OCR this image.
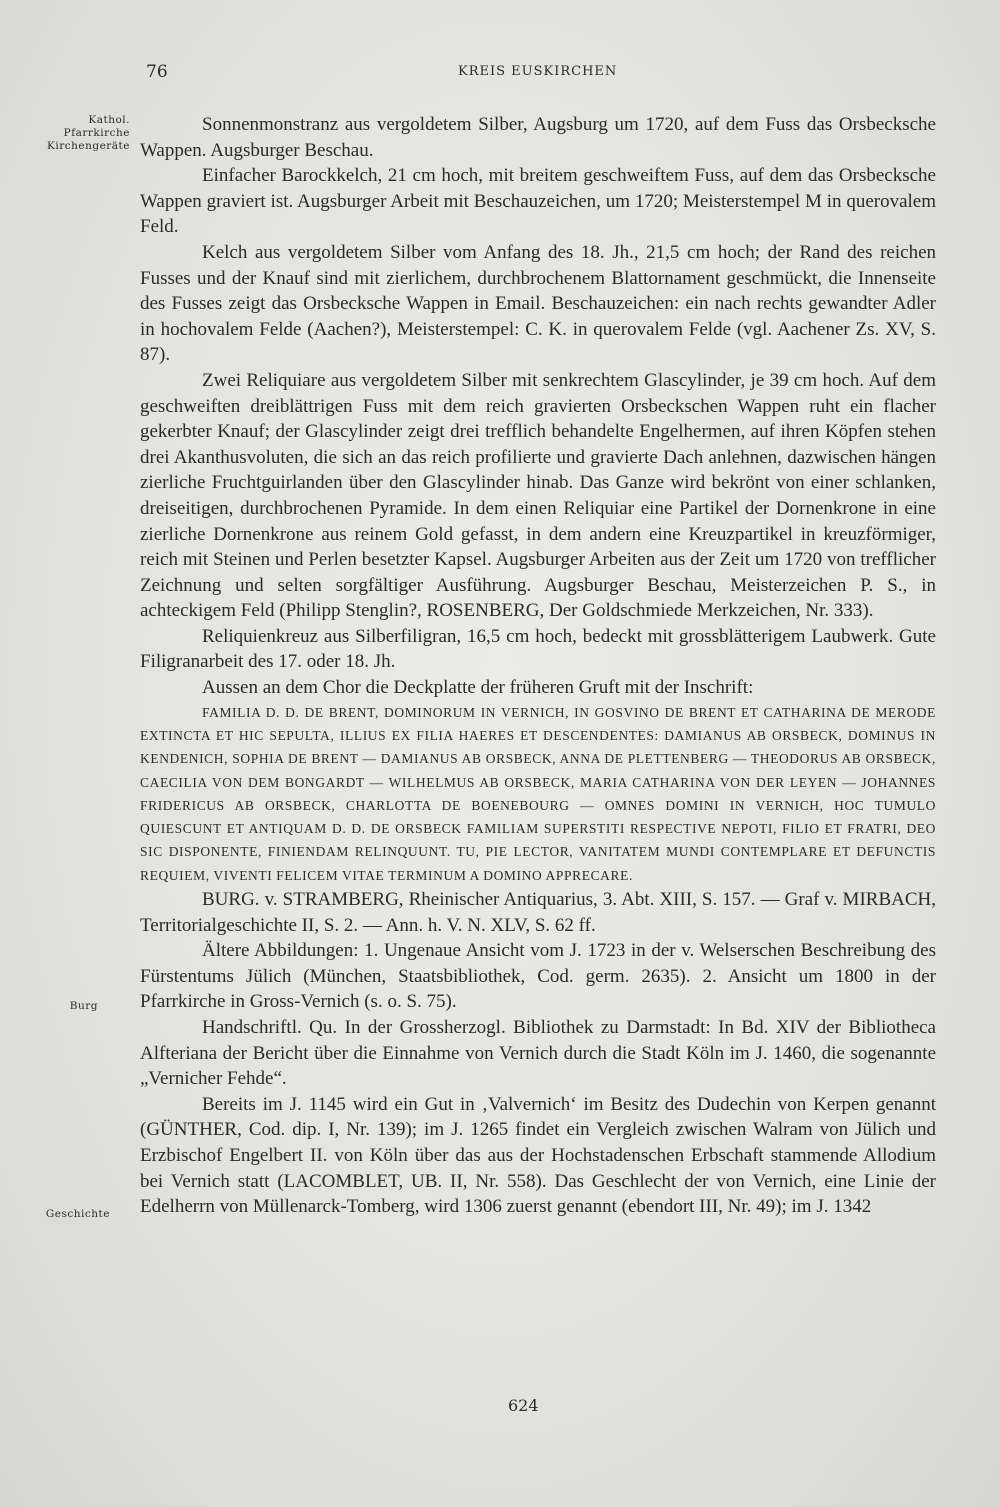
76	KREIS EUSKIRCHEN
Kathol.
Pfarrkirche
Kirchengeräte
Burg
Geschichte

Sonnenmonstranz aus vergoldetem Silber, Augsburg um 1720, auf dem Fuss das Orsbecksche Wappen. Augsburger Beschau.

Einfacher Barockkelch, 21 cm hoch, mit breitem geschweiftem Fuss, auf dem das Orsbecksche Wappen graviert ist. Augsburger Arbeit mit Beschauzeichen, um 1720; Meisterstempel M in querovalem Feld.

Kelch aus vergoldetem Silber vom Anfang des 18. Jh., 21,5 cm hoch; der Rand des reichen Fusses und der Knauf sind mit zierlichem, durchbrochenem Blattornament geschmückt, die Innenseite des Fusses zeigt das Orsbecksche Wappen in Email. Beschauzeichen: ein nach rechts gewandter Adler in hochovalem Felde (Aachen?), Meisterstempel: C. K. in querovalem Felde (vgl. Aachener Zs. XV, S. 87).

Zwei Reliquiare aus vergoldetem Silber mit senkrechtem Glascylinder, je 39 cm hoch. Auf dem geschweiften dreiblättrigen Fuss mit dem reich gravierten Orsbeckschen Wappen ruht ein flacher gekerbter Knauf; der Glascylinder zeigt drei trefflich behandelte Engelhermen, auf ihren Köpfen stehen drei Akanthusvoluten, die sich an das reich profilierte und gravierte Dach anlehnen, dazwischen hängen zierliche Fruchtguirlanden über den Glascylinder hinab. Das Ganze wird bekrönt von einer schlanken, dreiseitigen, durchbrochenen Pyramide. In dem einen Reliquiar eine Partikel der Dornenkrone in eine zierliche Dornenkrone aus reinem Gold gefasst, in dem andern eine Kreuzpartikel in kreuzförmiger, reich mit Steinen und Perlen besetzter Kapsel. Augsburger Arbeiten aus der Zeit um 1720 von trefflicher Zeichnung und selten sorgfältiger Ausführung. Augsburger Beschau, Meisterzeichen P. S., in achteckigem Feld (Philipp Stenglin?, ROSENBERG, Der Goldschmiede Merkzeichen, Nr. 333).

Reliquienkreuz aus Silberfiligran, 16,5 cm hoch, bedeckt mit grossblätterigem Laubwerk. Gute Filigranarbeit des 17. oder 18. Jh.

Aussen an dem Chor die Deckplatte der früheren Gruft mit der Inschrift:

FAMILIA D. D. DE BRENT, DOMINORUM IN VERNICH, IN GOSVINO DE BRENT ET CATHARINA DE MERODE EXTINCTA ET HIC SEPULTA, ILLIUS EX FILIA HAERES ET DESCENDENTES: DAMIANUS AB ORSBECK, DOMINUS IN KENDENICH, SOPHIA DE BRENT — DAMIANUS AB ORSBECK, ANNA DE PLETTENBERG — THEODORUS AB ORSBECK, CAECILIA VON DEM BONGARDT — WILHELMUS AB ORSBECK, MARIA CATHARINA VON DER LEYEN — JOHANNES FRIDERICUS AB ORSBECK, CHARLOTTA DE BOENEBOURG — OMNES DOMINI IN VERNICH, HOC TUMULO QUIESCUNT ET ANTIQUAM D. D. DE ORSBECK FAMILIAM SUPERSTITI RESPECTIVE NEPOTI, FILIO ET FRATRI, DEO SIC DISPONENTE, FINIENDAM RELINQUUNT. TU, PIE LECTOR, VANITATEM MUNDI CONTEMPLARE ET DEFUNCTIS REQUIEM, VIVENTI FELICEM VITAE TERMINUM A DOMINO APPRECARE.

BURG. v. STRAMBERG, Rheinischer Antiquarius, 3. Abt. XIII, S. 157. — Graf v. MIRBACH, Territorialgeschichte II, S. 2. — Ann. h. V. N. XLV, S. 62 ff.

Ältere Abbildungen: 1. Ungenaue Ansicht vom J. 1723 in der v. Welserschen Beschreibung des Fürstentums Jülich (München, Staatsbibliothek, Cod. germ. 2635). 2. Ansicht um 1800 in der Pfarrkirche in Gross-Vernich (s. o. S. 75).

Handschriftl. Qu. In der Grossherzogl. Bibliothek zu Darmstadt: In Bd. XIV der Bibliotheca Alfteriana der Bericht über die Einnahme von Vernich durch die Stadt Köln im J. 1460, die sogenannte „Vernicher Fehde“.

Bereits im J. 1145 wird ein Gut in ‚Valvernich‘ im Besitz des Dudechin von Kerpen genannt (GÜNTHER, Cod. dip. I, Nr. 139); im J. 1265 findet ein Vergleich zwischen Walram von Jülich und Erzbischof Engelbert II. von Köln über das aus der Hochstadenschen Erbschaft stammende Allodium bei Vernich statt (LACOMBLET, UB. II, Nr. 558). Das Geschlecht der von Vernich, eine Linie der Edelherrn von Müllenarck-Tomberg, wird 1306 zuerst genannt (ebendort III, Nr. 49); im J. 1342

624
